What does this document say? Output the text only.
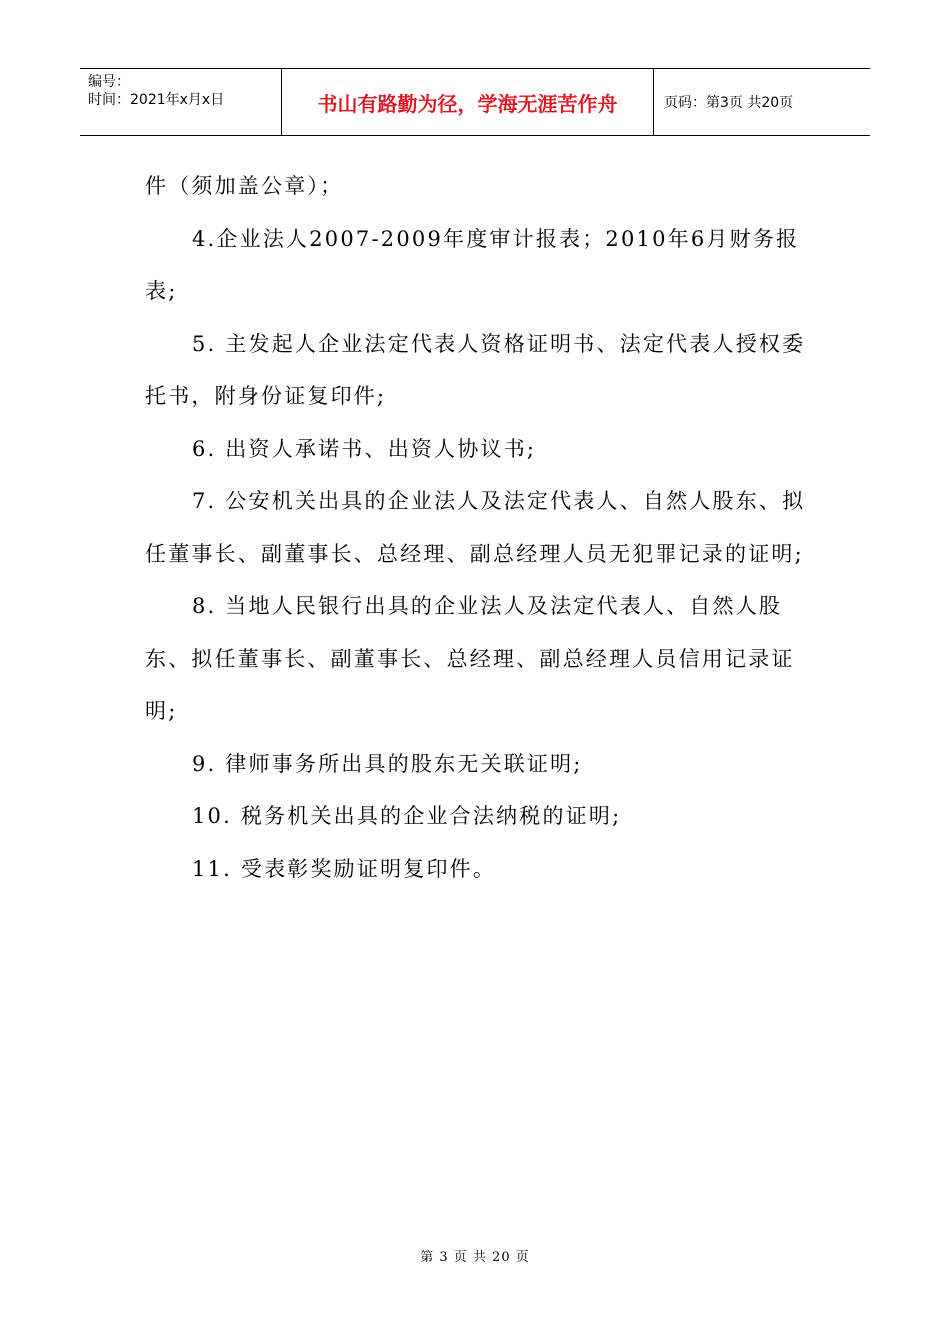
编号：
时间：2021年x月x日	书山有路勤为径，学海无涯苦作舟	页码：第3页 共20页

件（须加盖公章）；

4.企业法人2007-2009年度审计报表；2010年6月财务报表;

5. 主发起人企业法定代表人资格证明书、法定代表人授权委托书，附身份证复印件;

6. 出资人承诺书、出资人协议书;

7. 公安机关出具的企业法人及法定代表人、自然人股东、拟任董事长、副董事长、总经理、副总经理人员无犯罪记录的证明;

8. 当地人民银行出具的企业法人及法定代表人、自然人股东、拟任董事长、副董事长、总经理、副总经理人员信用记录证明;

9. 律师事务所出具的股东无关联证明;

10. 税务机关出具的企业合法纳税的证明;

11. 受表彰奖励证明复印件。

第 3 页 共 20 页
